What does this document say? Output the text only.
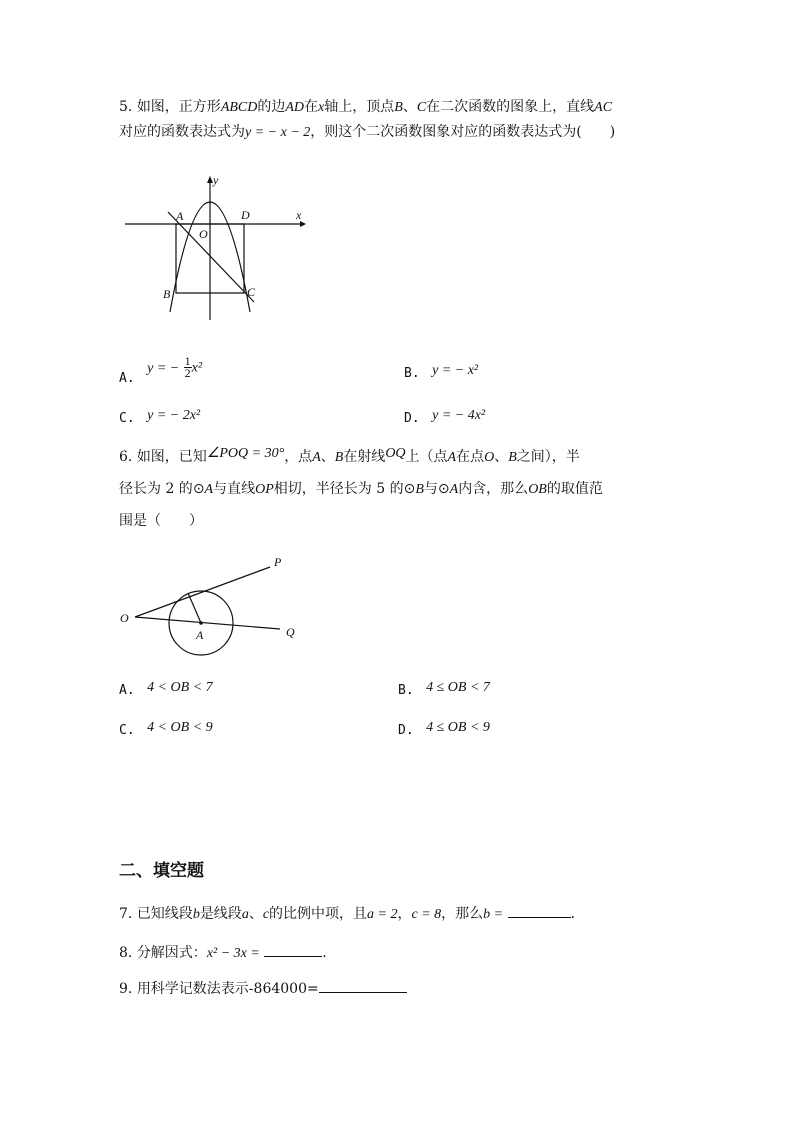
5. 如图，正方形ABCD的边AD在x轴上，顶点B、C在二次函数的图象上，直线AC
对应的函数表达式为y = − x − 2，则这个二次函数图象对应的函数表达式为(　　)
y
x
A	D
O
B	C
A. y = − $\frac{1}{2} x^2$	B. y = − x²
C. y = − 2x²	D. y = − 4x²
6. 如图，已知∠POQ = 30°，点A、B在射线OQ上（点A在点O、B之间），半
径长为 2 的⊙A与直线OP相切，半径长为 5 的⊙B与⊙A内含，那么OB的取值范
围是（　　）
P
O
A	Q
A. 4 < OB < 7	B. 4 ≤ OB < 7
C. 4 < OB < 9	D. 4 ≤ OB < 9
二、填空题
7. 已知线段b是线段a、c的比例中项，且a = 2，c = 8，那么b =	.
8. 分解因式：x² − 3x =	.
9. 用科学记数法表示-864000=
